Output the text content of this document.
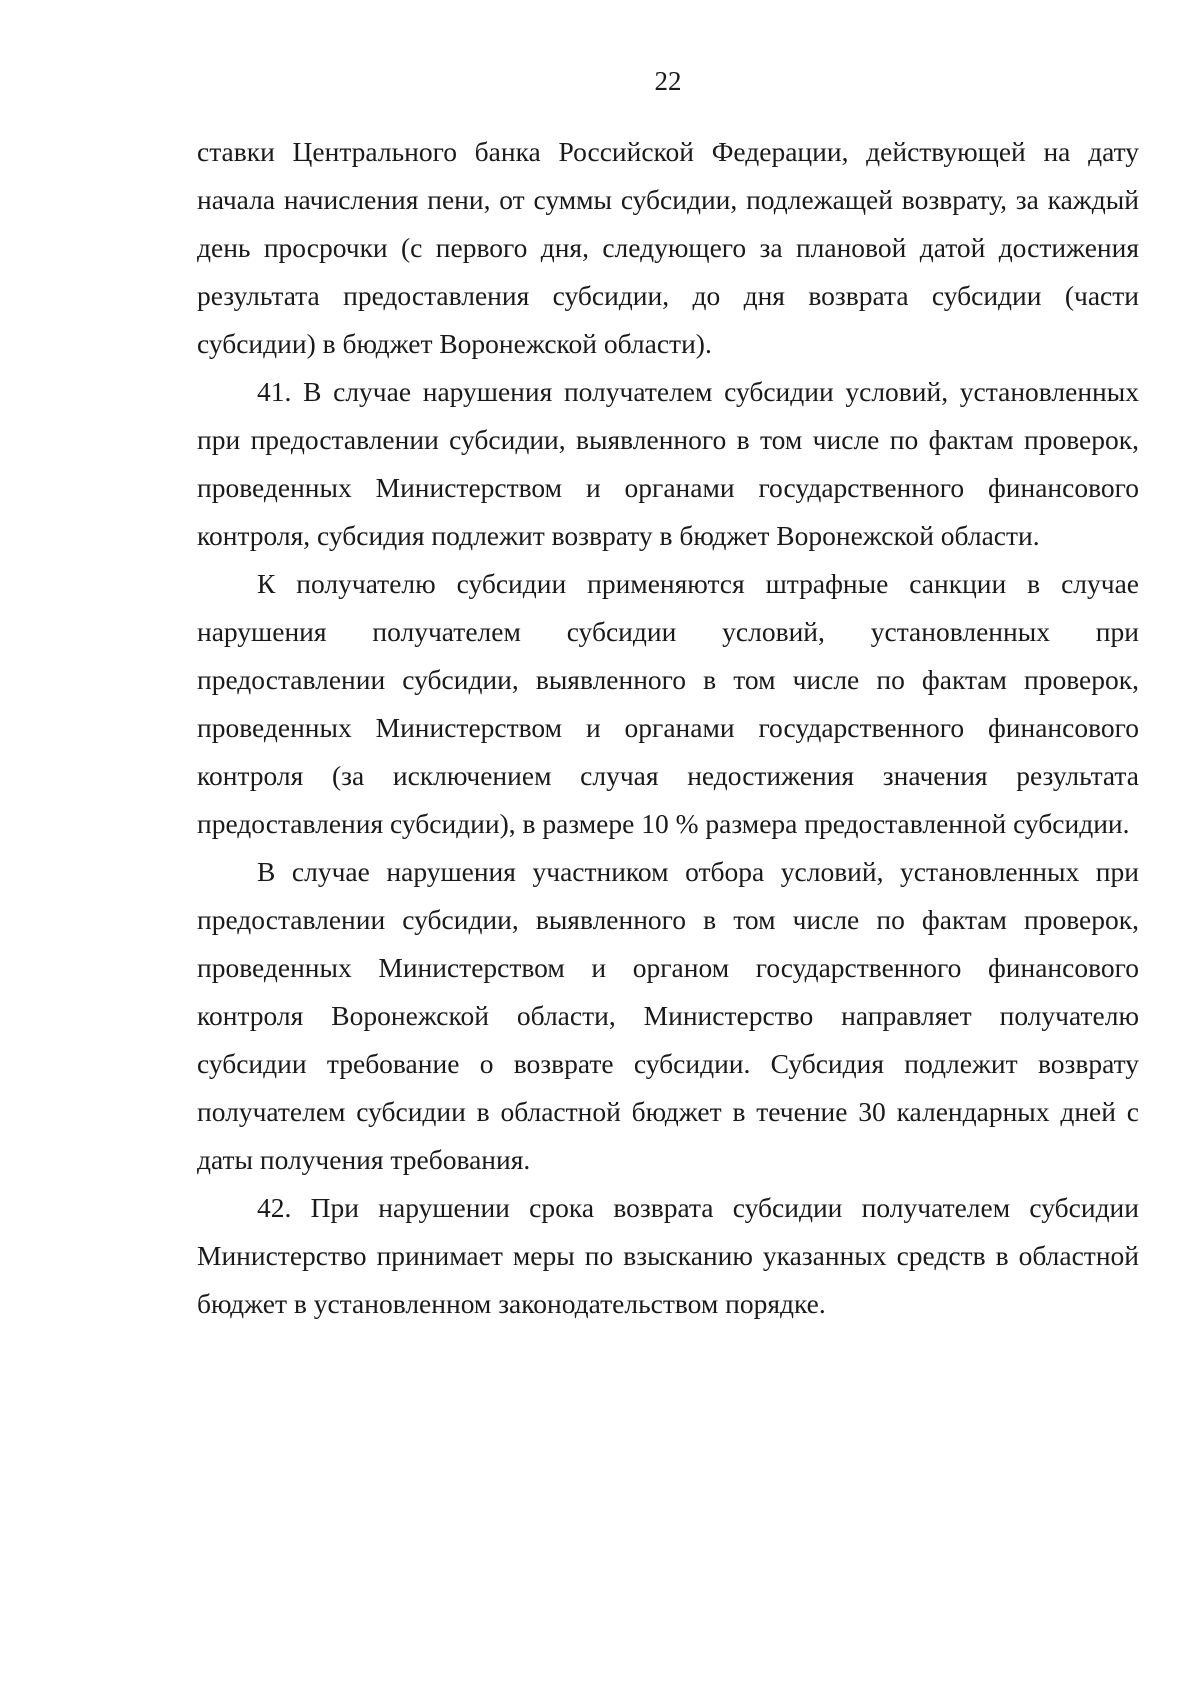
22

ставки Центрального банка Российской Федерации, действующей на дату начала начисления пени, от суммы субсидии, подлежащей возврату, за каждый день просрочки (с первого дня, следующего за плановой датой достижения результата предоставления субсидии, до дня возврата субсидии (части субсидии) в бюджет Воронежской области).

41. В случае нарушения получателем субсидии условий, установленных при предоставлении субсидии, выявленного в том числе по фактам проверок, проведенных Министерством и органами государственного финансового контроля, субсидия подлежит возврату в бюджет Воронежской области.

К получателю субсидии применяются штрафные санкции в случае нарушения получателем субсидии условий, установленных при предоставлении субсидии, выявленного в том числе по фактам проверок, проведенных Министерством и органами государственного финансового контроля (за исключением случая недостижения значения результата предоставления субсидии), в размере 10 % размера предоставленной субсидии.

В случае нарушения участником отбора условий, установленных при предоставлении субсидии, выявленного в том числе по фактам проверок, проведенных Министерством и органом государственного финансового контроля Воронежской области, Министерство направляет получателю субсидии требование о возврате субсидии. Субсидия подлежит возврату получателем субсидии в областной бюджет в течение 30 календарных дней с даты получения требования.

42. При нарушении срока возврата субсидии получателем субсидии Министерство принимает меры по взысканию указанных средств в областной бюджет в установленном законодательством порядке.
